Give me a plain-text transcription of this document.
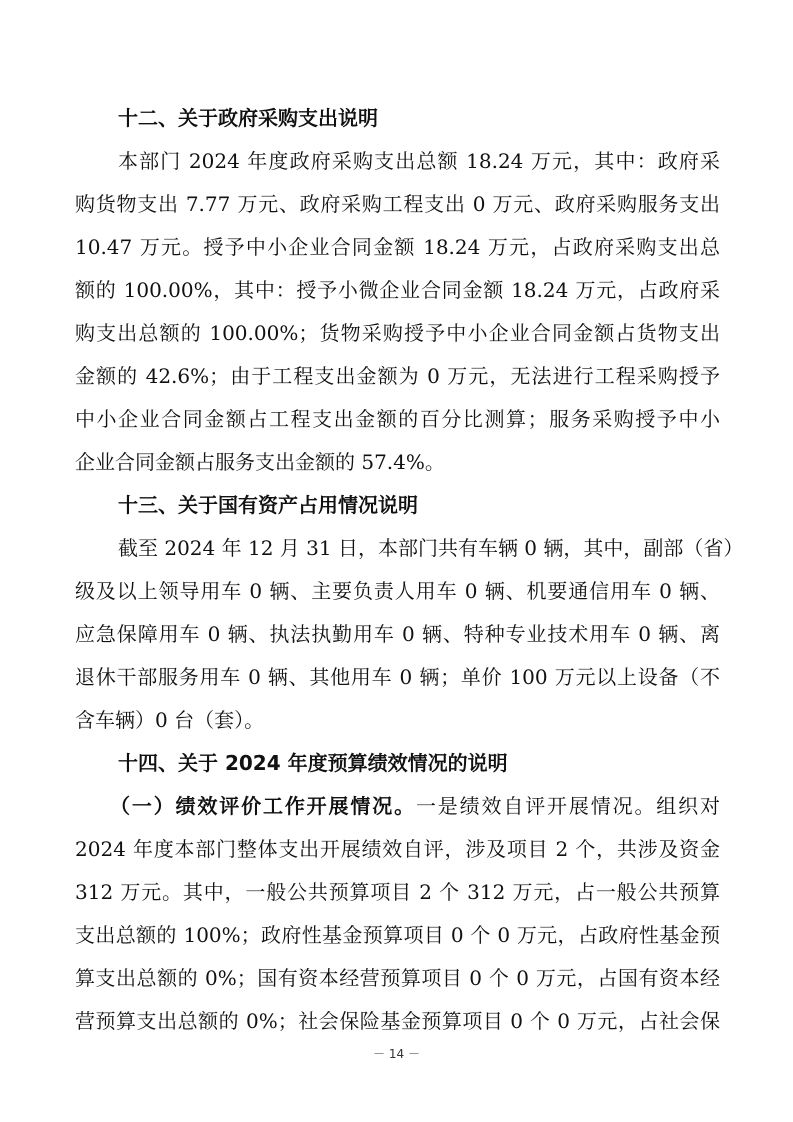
十二、关于政府采购支出说明
本部门 2024 年度政府采购支出总额 18.24 万元，其中：政府采
购货物支出 7.77 万元、政府采购工程支出 0 万元、政府采购服务支出
10.47 万元。授予中小企业合同金额 18.24 万元，占政府采购支出总
额的 100.00%，其中：授予小微企业合同金额 18.24 万元，占政府采
购支出总额的 100.00%；货物采购授予中小企业合同金额占货物支出
金额的 42.6%；由于工程支出金额为 0 万元，无法进行工程采购授予
中小企业合同金额占工程支出金额的百分比测算；服务采购授予中小
企业合同金额占服务支出金额的 57.4%。
十三、关于国有资产占用情况说明
截至 2024 年 12 月 31 日，本部门共有车辆 0 辆，其中，副部（省）
级及以上领导用车 0 辆、主要负责人用车 0 辆、机要通信用车 0 辆、
应急保障用车 0 辆、执法执勤用车 0 辆、特种专业技术用车 0 辆、离
退休干部服务用车 0 辆、其他用车 0 辆；单价 100 万元以上设备（不
含车辆）0 台（套）。
十四、关于 2024 年度预算绩效情况的说明
（一）绩效评价工作开展情况。一是绩效自评开展情况。组织对
2024 年度本部门整体支出开展绩效自评，涉及项目 2 个，共涉及资金
312 万元。其中，一般公共预算项目 2 个 312 万元，占一般公共预算
支出总额的 100%；政府性基金预算项目 0 个 0 万元，占政府性基金预
算支出总额的 0%；国有资本经营预算项目 0 个 0 万元，占国有资本经
营预算支出总额的 0%；社会保险基金预算项目 0 个 0 万元，占社会保
－ 14 －
